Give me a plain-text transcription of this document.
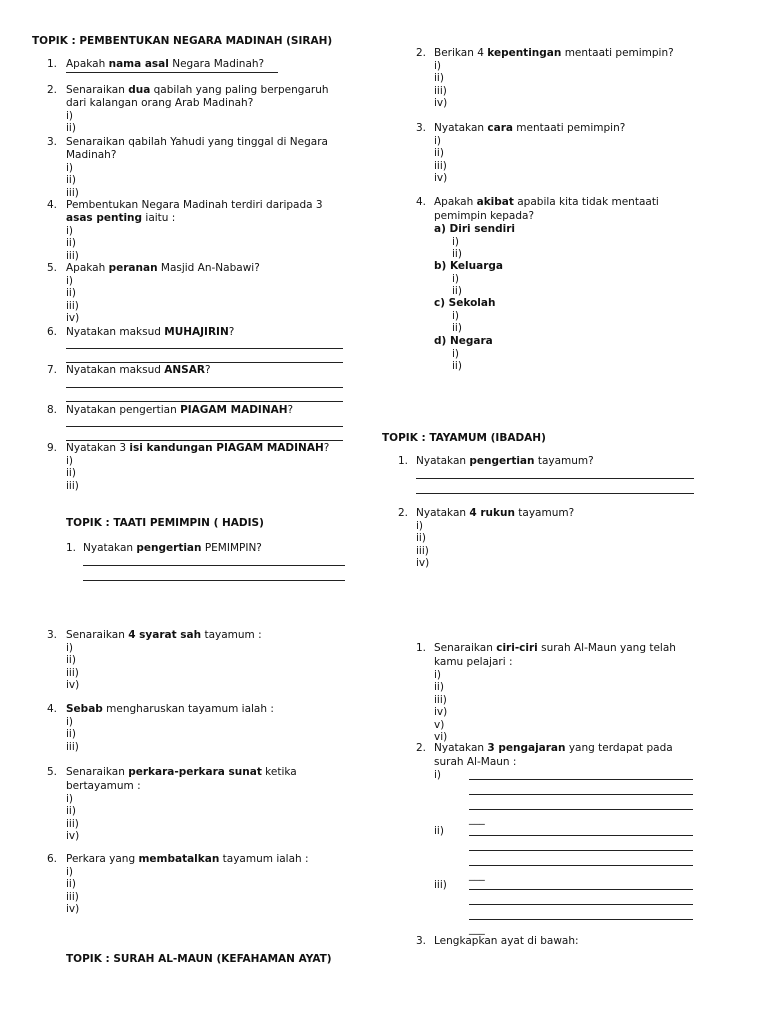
TOPIK : PEMBENTUKAN NEGARA MADINAH (SIRAH)
1. Apakah nama asal Negara Madinah?
2. Senaraikan dua qabilah yang paling berpengaruh
dari kalangan orang Arab Madinah?
i)
ii)
3. Senaraikan qabilah Yahudi yang tinggal di Negara
Madinah?
i)
ii)
iii)
4. Pembentukan Negara Madinah terdiri daripada 3
asas penting iaitu :
i)
ii)
iii)
5. Apakah peranan Masjid An-Nabawi?
i)
ii)
iii)
iv)
6. Nyatakan maksud MUHAJIRIN?
7. Nyatakan maksud ANSAR?
8. Nyatakan pengertian PIAGAM MADINAH?
9. Nyatakan 3 isi kandungan PIAGAM MADINAH?
i)
ii)
iii)
TOPIK : TAATI PEMIMPIN ( HADIS)
1. Nyatakan pengertian PEMIMPIN?
3. Senaraikan 4 syarat sah tayamum :
i)
ii)
iii)
iv)
4. Sebab mengharuskan tayamum ialah :
i)
ii)
iii)
5. Senaraikan perkara-perkara sunat ketika
bertayamum :
i)
ii)
iii)
iv)
6. Perkara yang membatalkan tayamum ialah :
i)
ii)
iii)
iv)
TOPIK : SURAH AL-MAUN (KEFAHAMAN AYAT)
2. Berikan 4 kepentingan mentaati pemimpin?
i)
ii)
iii)
iv)
3. Nyatakan cara mentaati pemimpin?
i)
ii)
iii)
iv)
4. Apakah akibat apabila kita tidak mentaati
pemimpin kepada?
a) Diri sendiri
i)
ii)
b) Keluarga
i)
ii)
c) Sekolah
i)
ii)
d) Negara
i)
ii)
TOPIK : TAYAMUM (IBADAH)
1. Nyatakan pengertian tayamum?
2. Nyatakan 4 rukun tayamum?
i)
ii)
iii)
iv)
1. Senaraikan ciri-ciri surah Al-Maun yang telah
kamu pelajari :
i)
ii)
iii)
iv)
v)
vi)
2. Nyatakan 3 pengajaran yang terdapat pada
surah Al-Maun :
i)
___
ii)
___
iii)
___
3. Lengkapkan ayat di bawah:
